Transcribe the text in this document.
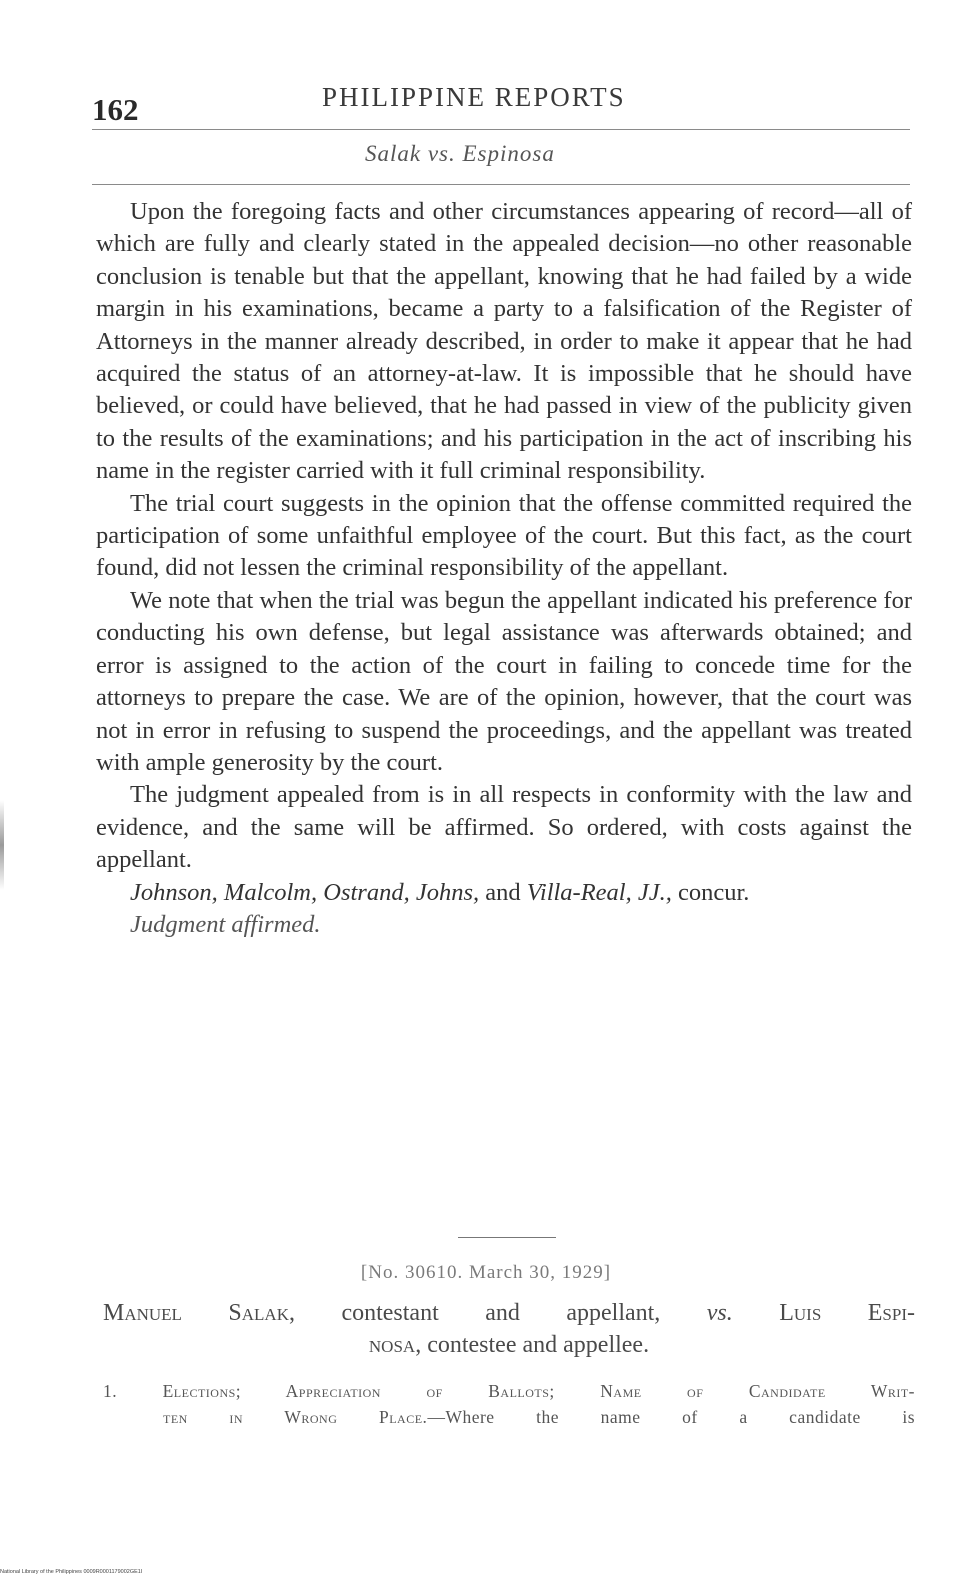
162	PHILIPPINE REPORTS
Salak vs. Espinosa

Upon the foregoing facts and other circumstances appearing of record—all of which are fully and clearly stated in the appealed decision—no other reasonable conclusion is tenable but that the appellant, knowing that he had failed by a wide margin in his examinations, became a party to a falsification of the Register of Attorneys in the manner already described, in order to make it appear that he had acquired the status of an attorney-at-law. It is impossible that he should have believed, or could have believed, that he had passed in view of the publicity given to the results of the examinations; and his participation in the act of inscribing his name in the register carried with it full criminal responsibility.

The trial court suggests in the opinion that the offense committed required the participation of some unfaithful employee of the court. But this fact, as the court found, did not lessen the criminal responsibility of the appellant.

We note that when the trial was begun the appellant indicated his preference for conducting his own defense, but legal assistance was afterwards obtained; and error is assigned to the action of the court in failing to concede time for the attorneys to prepare the case. We are of the opinion, however, that the court was not in error in refusing to suspend the proceedings, and the appellant was treated with ample generosity by the court.

The judgment appealed from is in all respects in conformity with the law and evidence, and the same will be affirmed. So ordered, with costs against the appellant.

Johnson, Malcolm, Ostrand, Johns, and Villa-Real, JJ., concur.
Judgment affirmed.
[No. 30610. March 30, 1929]
Manuel Salak, contestant and appellant, vs. Luis Espi-
nosa, contestee and appellee.
1. Elections; Appreciation of Ballots; Name of Candidate Writ-
ten in Wrong Place.—Where the name of a candidate is
National Library of the Philippines 0009R0001179002GE1I
